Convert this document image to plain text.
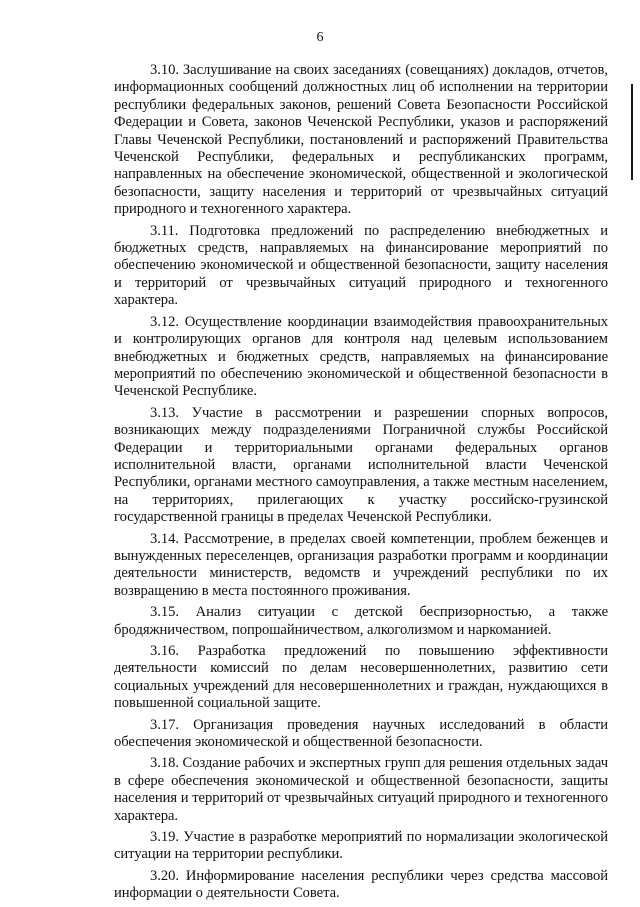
6

3.10. Заслушивание на своих заседаниях (совещаниях) докладов, отчетов, информационных сообщений должностных лиц об исполнении на территории республики федеральных законов, решений Совета Безопасности Российской Федерации и Совета, законов Чеченской Республики, указов и распоряжений Главы Чеченской Республики, постановлений и распоряжений Правительства Чеченской Республики, федеральных и республиканских программ, направленных на обеспечение экономической, общественной и экологической безопасности, защиту населения и территорий от чрезвычайных ситуаций природного и техногенного характера.

3.11. Подготовка предложений по распределению внебюджетных и бюджетных средств, направляемых на финансирование мероприятий по обеспечению экономической и общественной безопасности, защиту населения и территорий от чрезвычайных ситуаций природного и техногенного характера.

3.12. Осуществление координации взаимодействия правоохранительных и контролирующих органов для контроля над целевым использованием внебюджетных и бюджетных средств, направляемых на финансирование мероприятий по обеспечению экономической и общественной безопасности в Чеченской Республике.

3.13. Участие в рассмотрении и разрешении спорных вопросов, возникающих между подразделениями Пограничной службы Российской Федерации и территориальными органами федеральных органов исполнительной власти, органами исполнительной власти Чеченской Республики, органами местного самоуправления, а также местным населением, на территориях, прилегающих к участку российско-грузинской государственной границы в пределах Чеченской Республики.

3.14. Рассмотрение, в пределах своей компетенции, проблем беженцев и вынужденных переселенцев, организация разработки программ и координации деятельности министерств, ведомств и учреждений республики по их возвращению в места постоянного проживания.

3.15. Анализ ситуации с детской беспризорностью, а также бродяжничеством, попрошайничеством, алкоголизмом и наркоманией.

3.16. Разработка предложений по повышению эффективности деятельности комиссий по делам несовершеннолетних, развитию сети социальных учреждений для несовершеннолетних и граждан, нуждающихся в повышенной социальной защите.

3.17. Организация проведения научных исследований в области обеспечения экономической и общественной безопасности.

3.18. Создание рабочих и экспертных групп для решения отдельных задач в сфере обеспечения экономической и общественной безопасности, защиты населения и территорий от чрезвычайных ситуаций природного и техногенного характера.

3.19. Участие в разработке мероприятий по нормализации экологической ситуации на территории республики.

3.20. Информирование населения республики через средства массовой информации о деятельности Совета.
